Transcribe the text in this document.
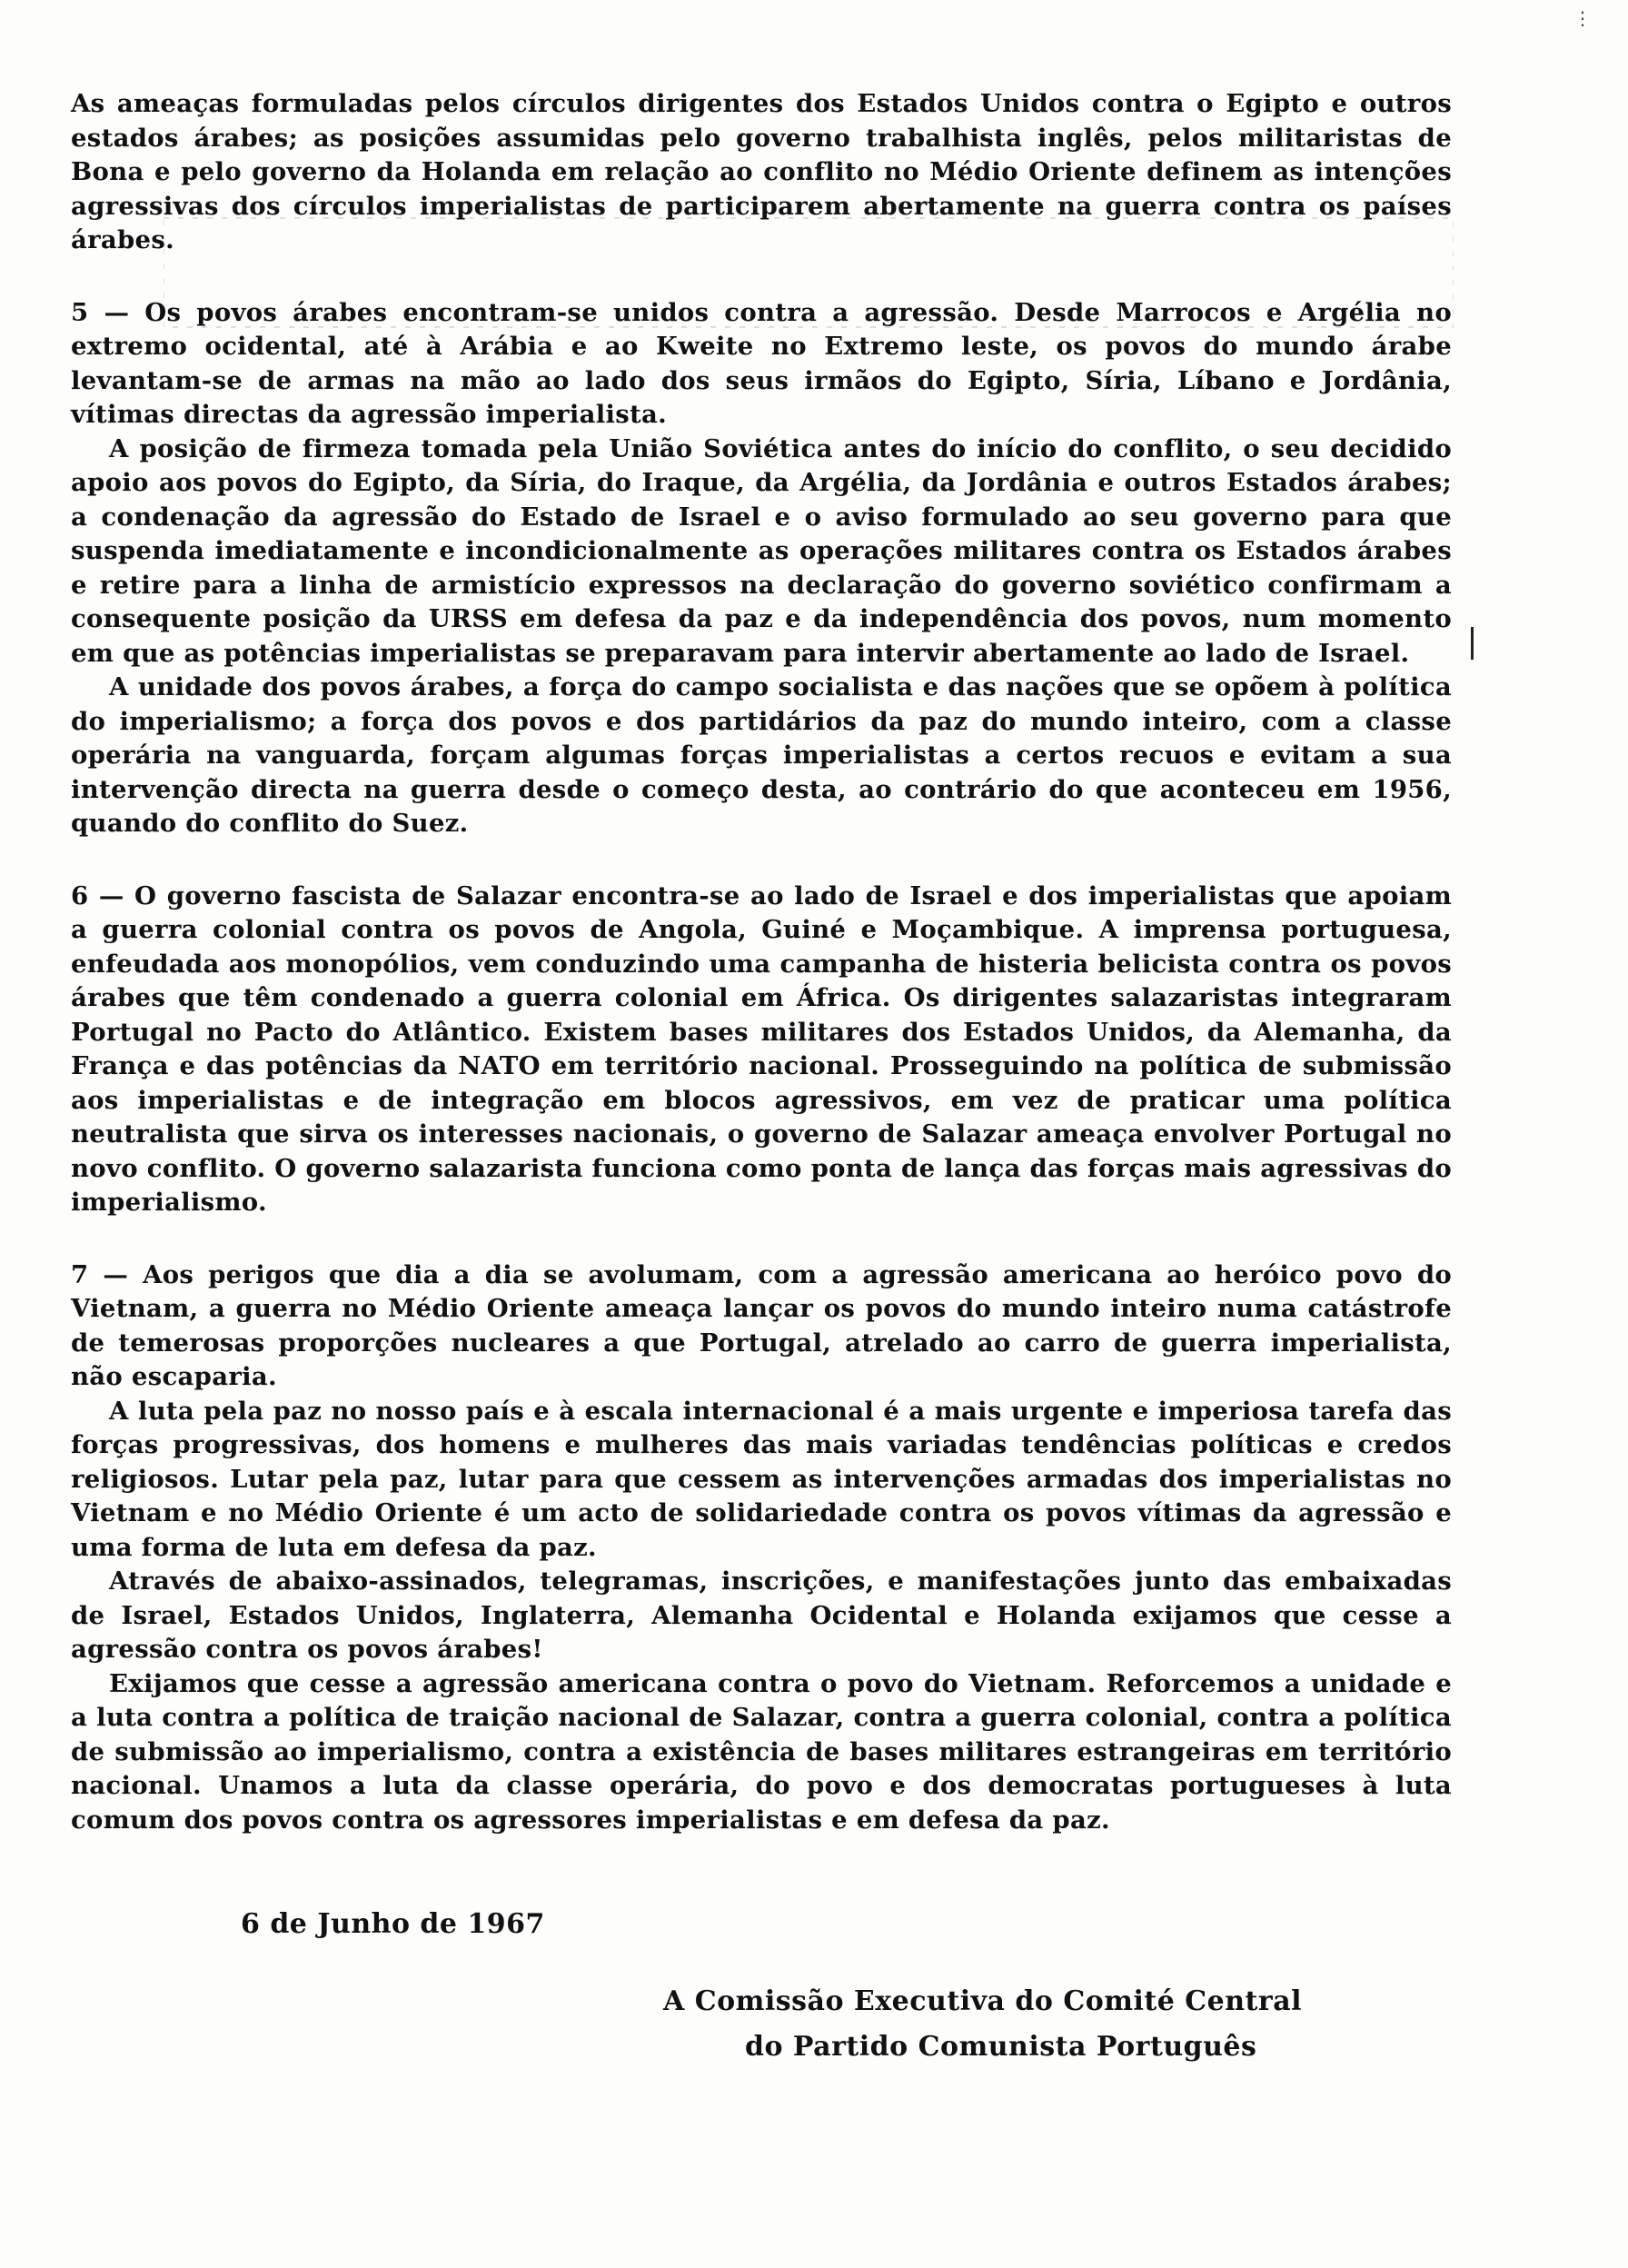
⋮

As ameaças formuladas pelos círculos dirigentes dos Estados Unidos contra o Egipto e outros estados árabes; as posições assumidas pelo governo trabalhista inglês, pelos militaristas de Bona e pelo governo da Holanda em relação ao conflito no Médio Oriente definem as intenções agressivas dos círculos imperialistas de participarem abertamente na guerra contra os países árabes.

5 — Os povos árabes encontram-se unidos contra a agressão. Desde Marrocos e Argélia no extremo ocidental, até à Arábia e ao Kweite no Extremo leste, os povos do mundo árabe levantam-se de armas na mão ao lado dos seus irmãos do Egipto, Síria, Líbano e Jordânia, vítimas directas da agressão imperialista.

A posição de firmeza tomada pela União Soviética antes do início do conflito, o seu decidido apoio aos povos do Egipto, da Síria, do Iraque, da Argélia, da Jordânia e outros Estados árabes; a condenação da agressão do Estado de Israel e o aviso formulado ao seu governo para que suspenda imediatamente e incondicionalmente as operações militares contra os Estados árabes e retire para a linha de armistício expressos na declaração do governo soviético confirmam a consequente posição da URSS em defesa da paz e da independência dos povos, num momento em que as potências imperialistas se preparavam para intervir abertamente ao lado de Israel.

A unidade dos povos árabes, a força do campo socialista e das nações que se opõem à política do imperialismo; a força dos povos e dos partidários da paz do mundo inteiro, com a classe operária na vanguarda, forçam algumas forças imperialistas a certos recuos e evitam a sua intervenção directa na guerra desde o começo desta, ao contrário do que aconteceu em 1956, quando do conflito do Suez.

6 — O governo fascista de Salazar encontra-se ao lado de Israel e dos imperialistas que apoiam a guerra colonial contra os povos de Angola, Guiné e Moçambique. A imprensa portuguesa, enfeudada aos monopólios, vem conduzindo uma campanha de histeria belicista contra os povos árabes que têm condenado a guerra colonial em África. Os dirigentes salazaristas integraram Portugal no Pacto do Atlântico. Existem bases militares dos Estados Unidos, da Alemanha, da França e das potências da NATO em território nacional. Prosseguindo na política de submissão aos imperialistas e de integração em blocos agressivos, em vez de praticar uma política neutralista que sirva os interesses nacionais, o governo de Salazar ameaça envolver Portugal no novo conflito. O governo salazarista funciona como ponta de lança das forças mais agressivas do imperialismo.

7 — Aos perigos que dia a dia se avolumam, com a agressão americana ao heróico povo do Vietnam, a guerra no Médio Oriente ameaça lançar os povos do mundo inteiro numa catástrofe de temerosas proporções nucleares a que Portugal, atrelado ao carro de guerra imperialista, não escaparia.

A luta pela paz no nosso país e à escala internacional é a mais urgente e imperiosa tarefa das forças progressivas, dos homens e mulheres das mais variadas tendências políticas e credos religiosos. Lutar pela paz, lutar para que cessem as intervenções armadas dos imperialistas no Vietnam e no Médio Oriente é um acto de solidariedade contra os povos vítimas da agressão e uma forma de luta em defesa da paz.

Através de abaixo-assinados, telegramas, inscrições, e manifestações junto das embaixadas de Israel, Estados Unidos, Inglaterra, Alemanha Ocidental e Holanda exijamos que cesse a agressão contra os povos árabes!

Exijamos que cesse a agressão americana contra o povo do Vietnam. Reforcemos a unidade e a luta contra a política de traição nacional de Salazar, contra a guerra colonial, contra a política de submissão ao imperialismo, contra a existência de bases militares estrangeiras em território nacional. Unamos a luta da classe operária, do povo e dos democratas portugueses à luta comum dos povos contra os agressores imperialistas e em defesa da paz.

6 de Junho de 1967
A Comissão Executiva do Comité Central
do Partido Comunista Português
